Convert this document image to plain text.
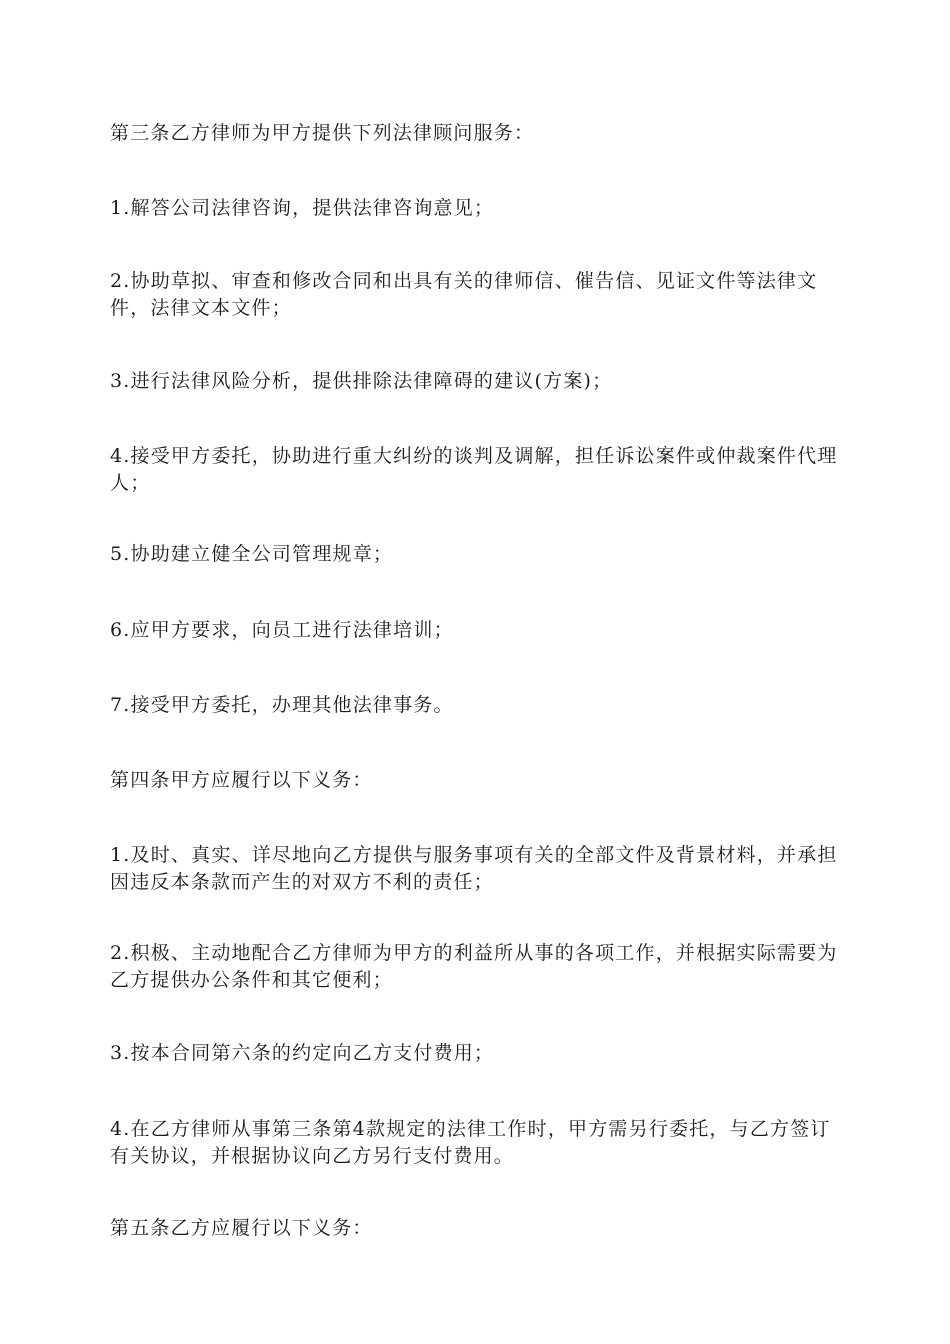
第三条乙方律师为甲方提供下列法律顾问服务：

1.解答公司法律咨询，提供法律咨询意见；

2.协助草拟、审查和修改合同和出具有关的律师信、催告信、见证文件等法律文件，法律文本文件；

3.进行法律风险分析，提供排除法律障碍的建议(方案)；

4.接受甲方委托，协助进行重大纠纷的谈判及调解，担任诉讼案件或仲裁案件代理人；

5.协助建立健全公司管理规章；

6.应甲方要求，向员工进行法律培训；

7.接受甲方委托，办理其他法律事务。

第四条甲方应履行以下义务：

1.及时、真实、详尽地向乙方提供与服务事项有关的全部文件及背景材料，并承担因违反本条款而产生的对双方不利的责任；

2.积极、主动地配合乙方律师为甲方的利益所从事的各项工作，并根据实际需要为乙方提供办公条件和其它便利；

3.按本合同第六条的约定向乙方支付费用；

4.在乙方律师从事第三条第4款规定的法律工作时，甲方需另行委托，与乙方签订有关协议，并根据协议向乙方另行支付费用。

第五条乙方应履行以下义务：
